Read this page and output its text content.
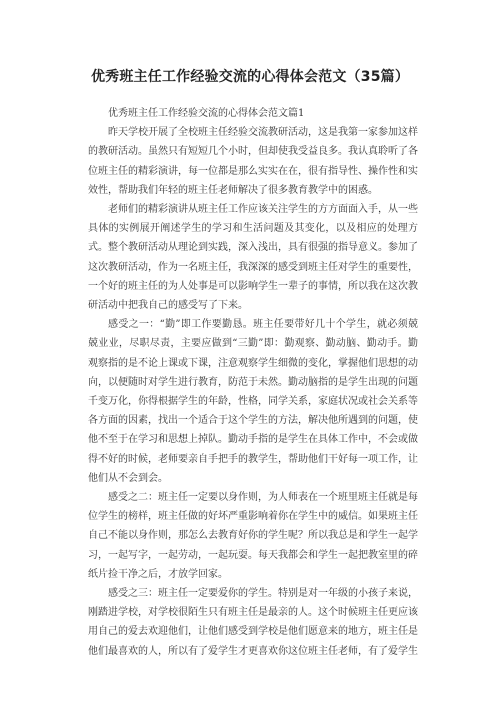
优秀班主任工作经验交流的心得体会范文（35篇）

优秀班主任工作经验交流的心得体会范文篇1

昨天学校开展了全校班主任经验交流教研活动，这是我第一家参加这样的教研活动。虽然只有短短几个小时，但却使我受益良多。我认真聆听了各位班主任的精彩演讲，每一位都是那么实实在在，很有指导性、操作性和实效性，帮助我们年轻的班主任老师解决了很多教育教学中的困惑。

老师们的精彩演讲从班主任工作应该关注学生的方方面面入手，从一些具体的实例展开阐述学生的学习和生活问题及其变化，以及相应的处理方式。整个教研活动从理论到实践，深入浅出，具有很强的指导意义。参加了这次教研活动，作为一名班主任，我深深的感受到班主任对学生的重要性，一个好的班主任的为人处事是可以影响学生一辈子的事情，所以我在这次教研活动中把我自己的感受写了下来。

感受之一：“勤”即工作要勤恳。班主任要带好几十个学生，就必须兢兢业业，尽职尽责，主要应做到“三勤”即：勤观察、勤动脑、勤动手。勤观察指的是不论上课或下课，注意观察学生细微的变化，掌握他们思想的动向，以便随时对学生进行教育，防范于未然。勤动脑指的是学生出现的问题千变万化，你得根据学生的年龄，性格，同学关系，家庭状况或社会关系等各方面的因素，找出一个适合于这个学生的方法，解决他所遇到的问题，使他不至于在学习和思想上掉队。勤动手指的是学生在具体工作中，不会或做得不好的时候，老师要亲自手把手的教学生，帮助他们干好每一项工作，让他们从不会到会。

感受之二：班主任一定要以身作则，为人师表在一个班里班主任就是每位学生的榜样，班主任做的好坏严重影响着你在学生中的威信。如果班主任自己不能以身作则，那怎么去教育好你的学生呢？所以我总是和学生一起学习，一起写字，一起劳动，一起玩耍。每天我都会和学生一起把教室里的碎纸片捡干净之后，才放学回家。

感受之三：班主任一定要爱你的学生。特别是对一年级的小孩子来说，刚踏进学校，对学校很陌生只有班主任是最亲的人。这个时候班主任更应该用自己的爱去欢迎他们，让他们感受到学校是他们愿意来的地方，班主任是他们最喜欢的人，所以有了爱学生才更喜欢你这位班主任老师，有了爱学生
